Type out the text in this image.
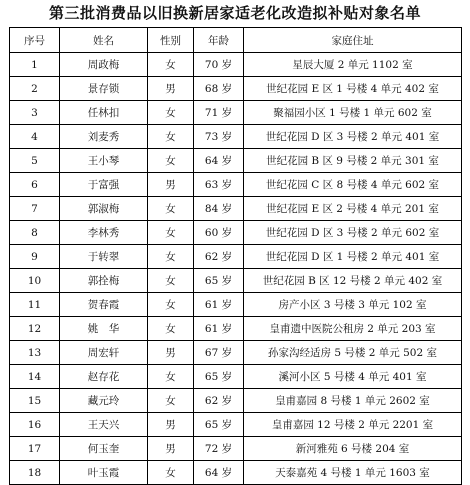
第三批消费品以旧换新居家适老化改造拟补贴对象名单
序号	姓名	性别	年龄	家庭住址
1	周政梅	女	70 岁	星辰大厦 2 单元 1102 室
2	景存锁	男	68 岁	世纪花园 E 区 1 号楼 4 单元 402 室
3	任林扣	女	71 岁	聚福园小区 1 号楼 1 单元 602 室
4	刘麦秀	女	73 岁	世纪花园 D 区 3 号楼 2 单元 401 室
5	王小琴	女	64 岁	世纪花园 B 区 9 号楼 2 单元 301 室
6	于富强	男	63 岁	世纪花园 C 区 8 号楼 4 单元 602 室
7	郭淑梅	女	84 岁	世纪花园 E 区 2 号楼 4 单元 201 室
8	李林秀	女	60 岁	世纪花园 D 区 3 号楼 2 单元 602 室
9	于转翠	女	62 岁	世纪花园 D 区 1 号楼 2 单元 401 室
10	郭拴梅	女	65 岁	世纪花园 B 区 12 号楼 2 单元 402 室
11	贺春霞	女	61 岁	房产小区 3 号楼 3 单元 102 室
12	姚　华	女	61 岁	皇甫遗中医院公租房 2 单元 203 室
13	周宏轩	男	67 岁	孙家沟经适房 5 号楼 2 单元 502 室
14	赵存花	女	65 岁	溪河小区 5 号楼 4 单元 401 室
15	藏元玲	女	62 岁	皇甫嘉园 8 号楼 1 单元 2602 室
16	王天兴	男	65 岁	皇甫嘉园 12 号楼 2 单元 2201 室
17	何玉奎	男	72 岁	新河雅苑 6 号楼 204 室
18	叶玉霞	女	64 岁	天泰嘉苑 4 号楼 1 单元 1603 室
